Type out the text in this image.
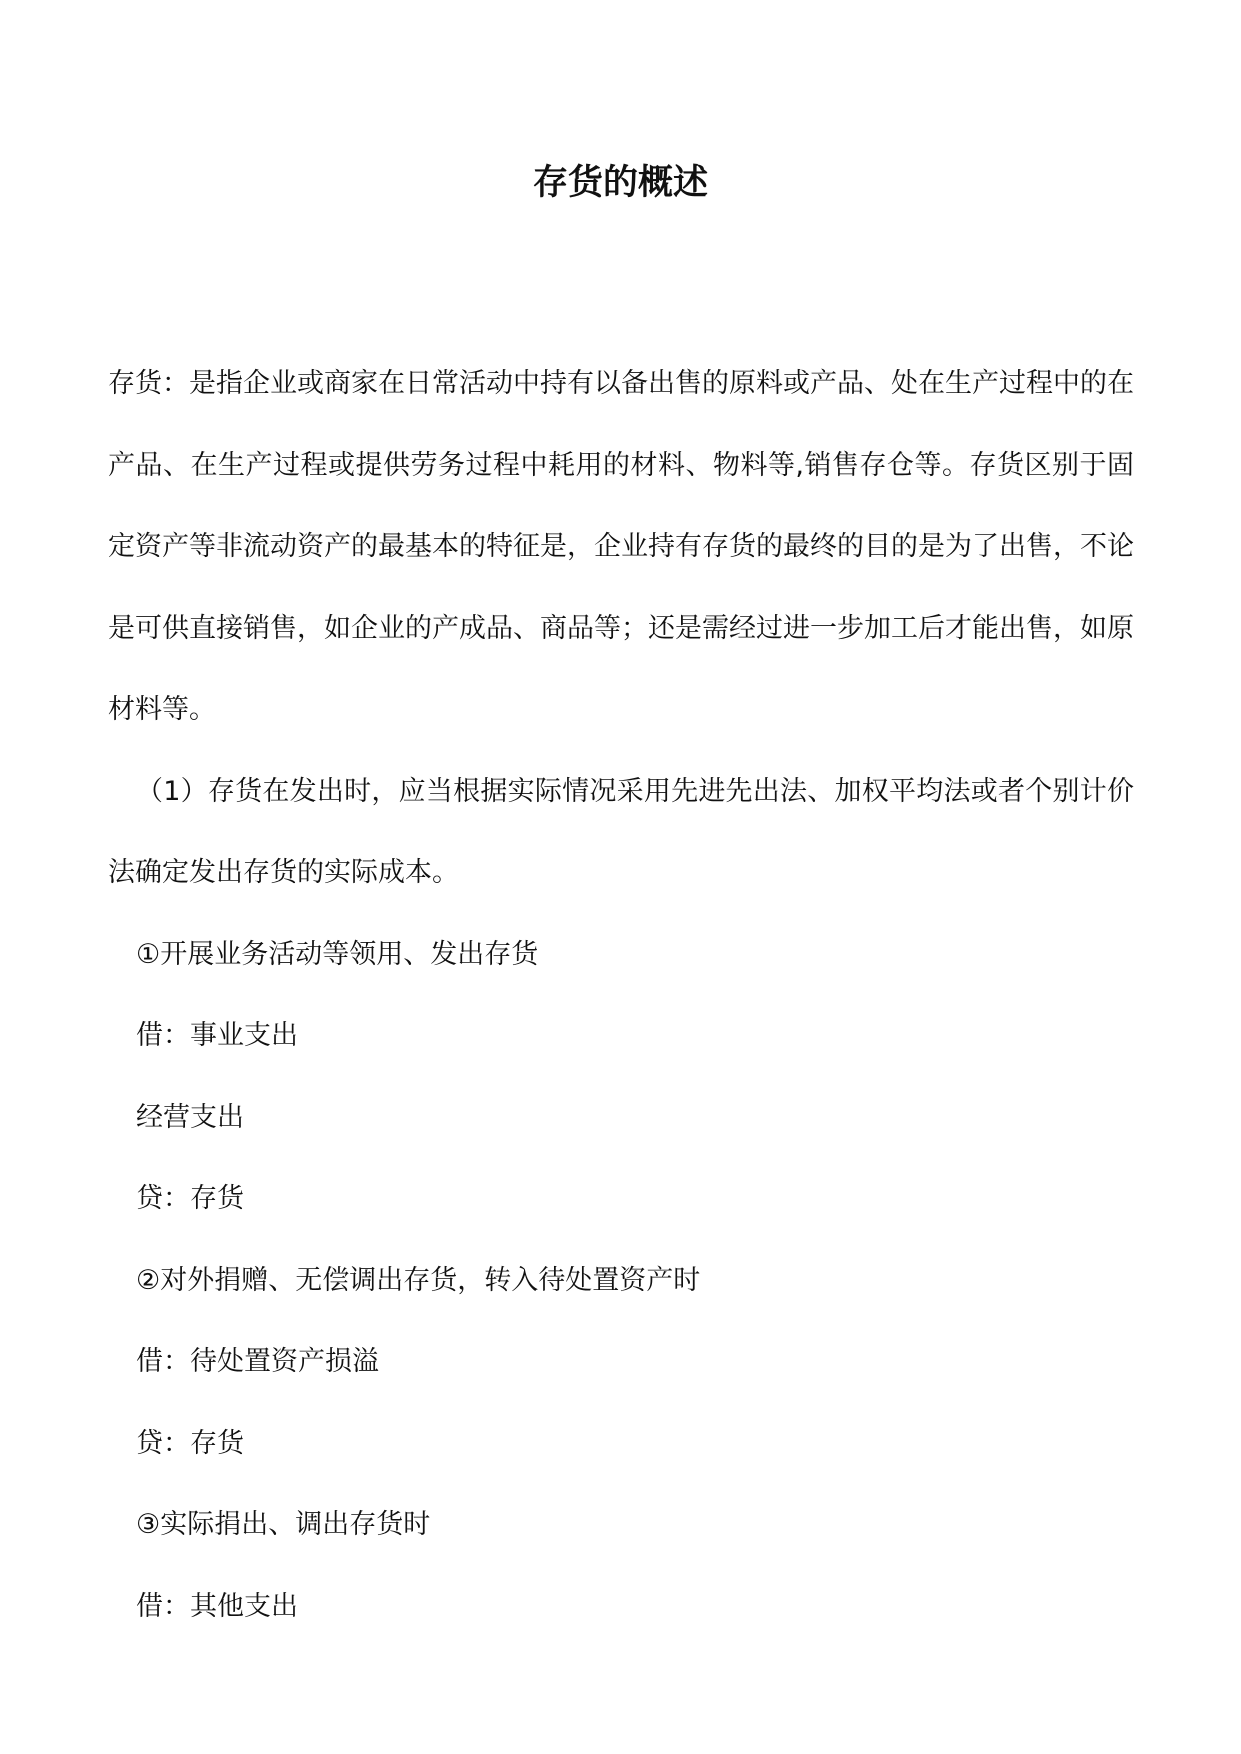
存货的概述

存货：是指企业或商家在日常活动中持有以备出售的原料或产品、处在生产过程中的在产品、在生产过程或提供劳务过程中耗用的材料、物料等,销售存仓等。存货区别于固定资产等非流动资产的最基本的特征是，企业持有存货的最终的目的是为了出售，不论是可供直接销售，如企业的产成品、商品等；还是需经过进一步加工后才能出售，如原材料等。

（1）存货在发出时，应当根据实际情况采用先进先出法、加权平均法或者个别计价法确定发出存货的实际成本。

①开展业务活动等领用、发出存货

借：事业支出

经营支出

贷：存货

②对外捐赠、无偿调出存货，转入待处置资产时

借：待处置资产损溢

贷：存货

③实际捐出、调出存货时

借：其他支出
